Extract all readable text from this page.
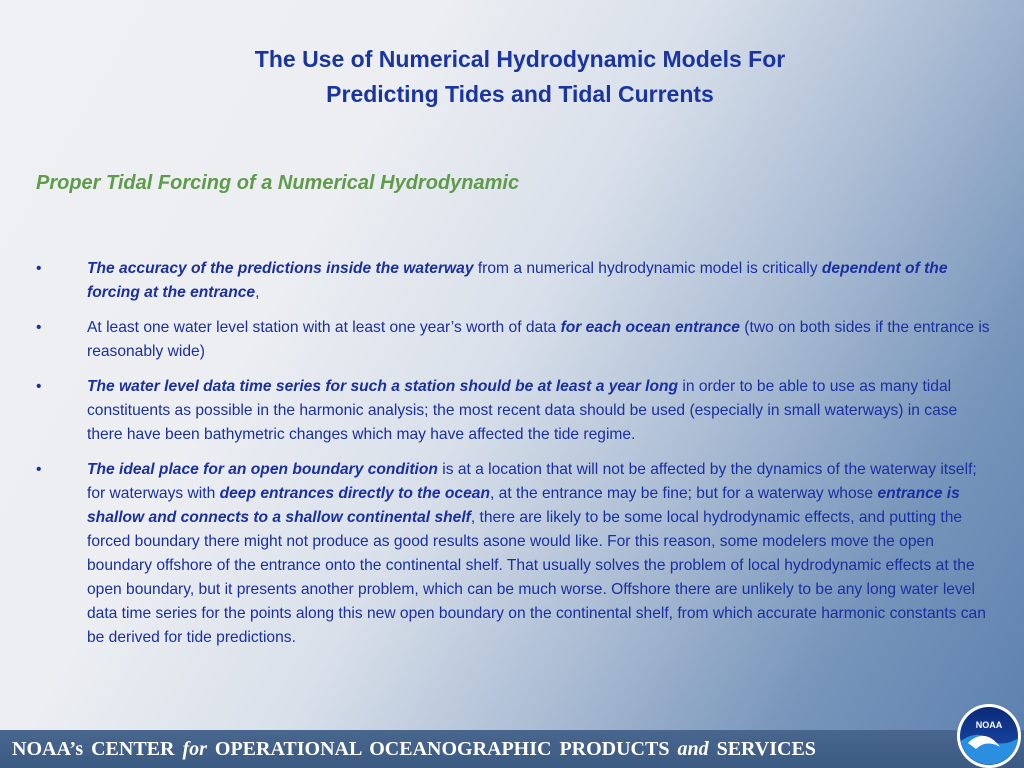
The Use of Numerical Hydrodynamic Models For
Predicting Tides and Tidal Currents
Proper Tidal Forcing of a Numerical Hydrodynamic
•	The accuracy of the predictions inside the waterway from a numerical hydrodynamic model is critically dependent of the forcing at the entrance,
•	At least one water level station with at least one year’s worth of data for each ocean entrance (two on both sides if the entrance is reasonably wide)
•	The water level data time series for such a station should be at least a year long in order to be able to use as many tidal constituents as possible in the harmonic analysis; the most recent data should be used (especially in small waterways) in case there have been bathymetric changes which may have affected the tide regime.
•	The ideal place for an open boundary condition is at a location that will not be affected by the dynamics of the waterway itself; for waterways with deep entrances directly to the ocean, at the entrance may be fine; but for a waterway whose entrance is shallow and connects to a shallow continental shelf, there are likely to be some local hydrodynamic effects, and putting the forced boundary there might not produce as good results asone would like. For this reason, some modelers move the open boundary offshore of the entrance onto the continental shelf. That usually solves the problem of local hydrodynamic effects at the open boundary, but it presents another problem, which can be much worse. Offshore there are unlikely to be any long water level data time series for the points along this new open boundary on the continental shelf, from which accurate harmonic constants can be derived for tide predictions.
NOAA’s CENTER for OPERATIONAL OCEANOGRAPHIC PRODUCTS and SERVICES
NOAA
